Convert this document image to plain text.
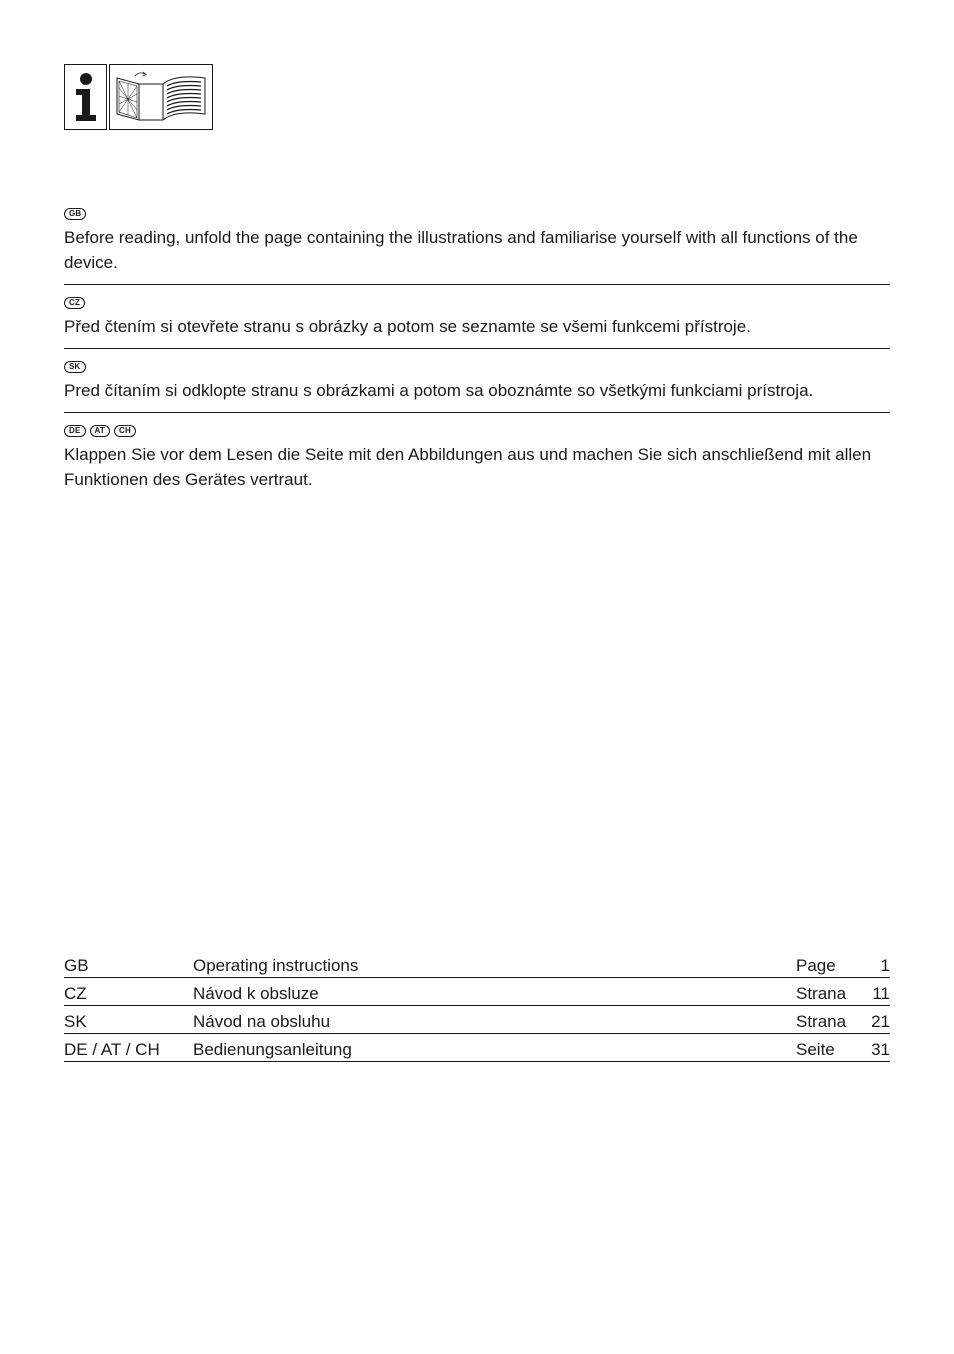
GB

Before reading, unfold the page containing the illustrations and familiarise yourself with all functions of the device.

CZ

Před čtením si otevřete stranu s obrázky a potom se seznamte se všemi funkcemi přístroje.

SK

Pred čítaním si odklopte stranu s obrázkami a potom sa oboznámte so všetkými funkciami prístroja.

DE	AT	CH

Klappen Sie vor dem Lesen die Seite mit den Abbildungen aus und machen Sie sich anschließend mit allen Funktionen des Gerätes vertraut.

GB	Operating instructions	Page	1
CZ	Návod k obsluze	Strana	11
SK	Návod na obsluhu	Strana	21
DE / AT / CH	Bedienungsanleitung	Seite	31
